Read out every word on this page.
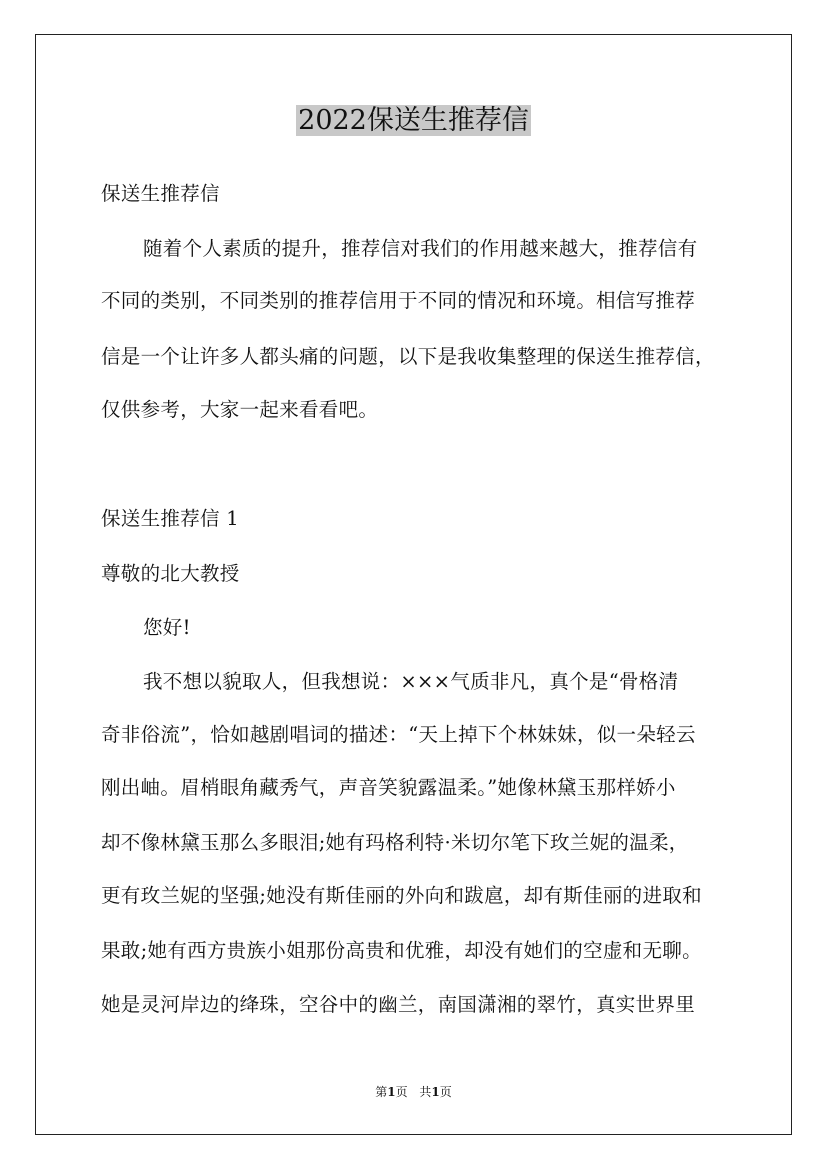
2022保送生推荐信
保送生推荐信
随着个人素质的提升，推荐信对我们的作用越来越大，推荐信有
不同的类别，不同类别的推荐信用于不同的情况和环境。相信写推荐
信是一个让许多人都头痛的问题，以下是我收集整理的保送生推荐信，
仅供参考，大家一起来看看吧。
保送生推荐信 1
尊敬的北大教授
您好!
我不想以貌取人，但我想说：×××气质非凡，真个是“骨格清
奇非俗流”，恰如越剧唱词的描述：“天上掉下个林妹妹，似一朵轻云
刚出岫。眉梢眼角藏秀气，声音笑貌露温柔。”她像林黛玉那样娇小
却不像林黛玉那么多眼泪;她有玛格利特·米切尔笔下玫兰妮的温柔，
更有玫兰妮的坚强;她没有斯佳丽的外向和跋扈，却有斯佳丽的进取和
果敢;她有西方贵族小姐那份高贵和优雅，却没有她们的空虚和无聊。
她是灵河岸边的绛珠，空谷中的幽兰，南国潇湘的翠竹，真实世界里
第1页 共1页
